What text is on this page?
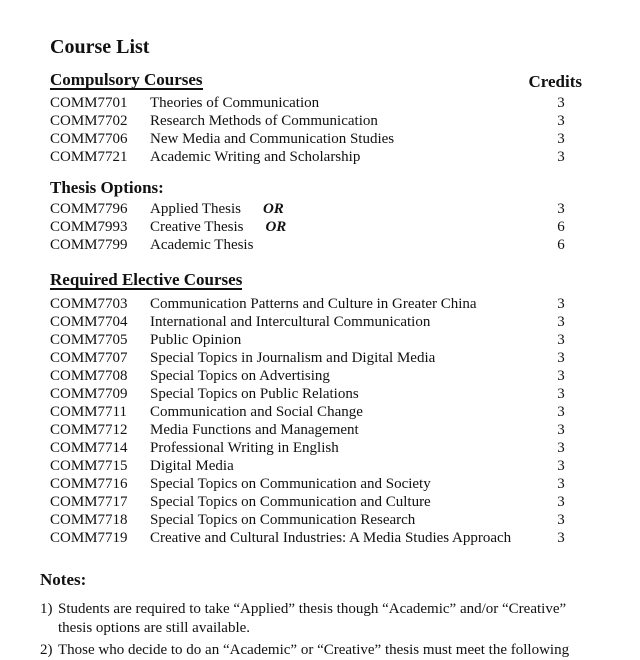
Course List
Credits
Compulsory Courses
COMM7701 Theories of Communication	3
COMM7702 Research Methods of Communication	3
COMM7706 New Media and Communication Studies	3
COMM7721 Academic Writing and Scholarship	3
Thesis Options:
COMM7796 Applied Thesis OR	3
COMM7993 Creative Thesis OR	6
COMM7799 Academic Thesis	6
Required Elective Courses
COMM7703 Communication Patterns and Culture in Greater China	3
COMM7704 International and Intercultural Communication	3
COMM7705 Public Opinion	3
COMM7707 Special Topics in Journalism and Digital Media	3
COMM7708 Special Topics on Advertising	3
COMM7709 Special Topics on Public Relations	3
COMM7711 Communication and Social Change	3
COMM7712 Media Functions and Management	3
COMM7714 Professional Writing in English	3
COMM7715 Digital Media	3
COMM7716 Special Topics on Communication and Society	3
COMM7717 Special Topics on Communication and Culture	3
COMM7718 Special Topics on Communication Research	3
COMM7719 Creative and Cultural Industries: A Media Studies Approach	3
Notes:
1) Students are required to take “Applied” thesis though “Academic” and/or “Creative” thesis options are still available.
2) Those who decide to do an “Academic” or “Creative” thesis must meet the following
